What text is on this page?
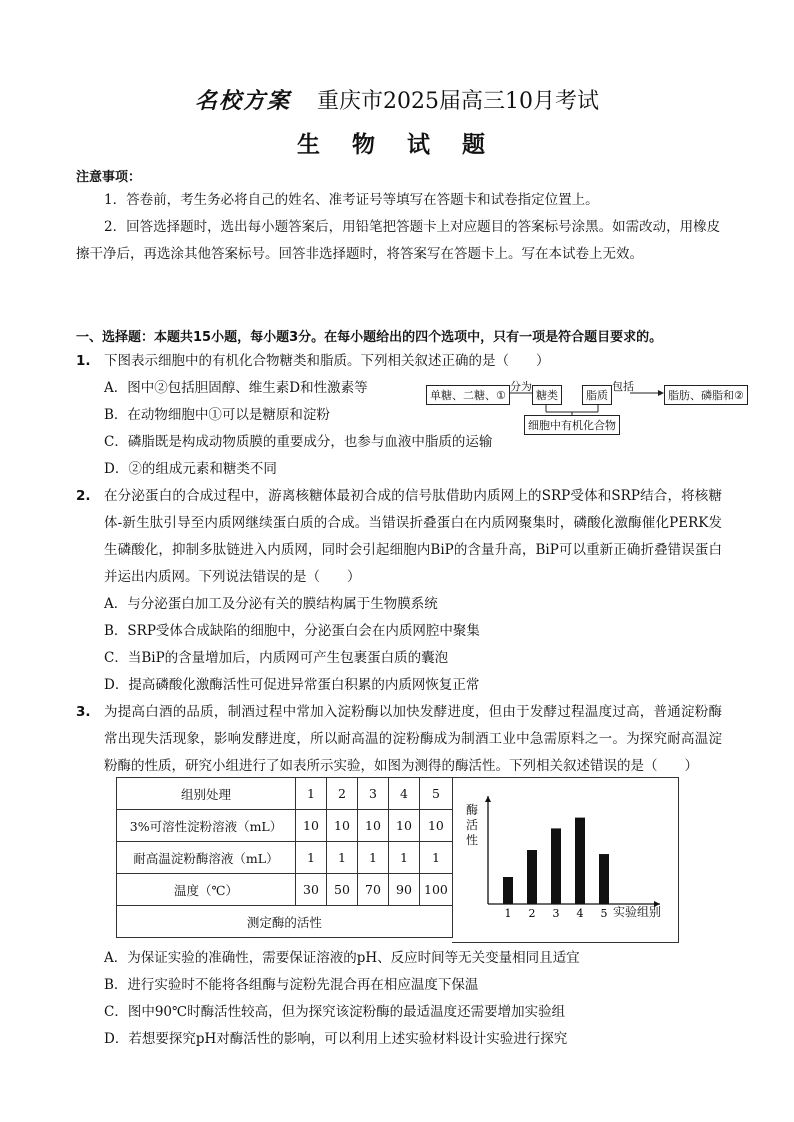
名校方案 重庆市2025届高三10月考试
生 物 试 题
注意事项：
1．答卷前，考生务必将自己的姓名、准考证号等填写在答题卡和试卷指定位置上。
2．回答选择题时，选出每小题答案后，用铅笔把答题卡上对应题目的答案标号涂黑。如需改动，用橡皮擦干净后，再选涂其他答案标号。回答非选择题时，将答案写在答题卡上。写在本试卷上无效。
一、选择题：本题共15小题，每小题3分。在每小题给出的四个选项中，只有一项是符合题目要求的。
1. 下图表示细胞中的有机化合物糖类和脂质。下列相关叙述正确的是（　　）
A．图中②包括胆固醇、维生素D和性激素等
B．在动物细胞中①可以是糖原和淀粉
C．磷脂既是构成动物质膜的重要成分，也参与血液中脂质的运输
D．②的组成元素和糖类不同
单糖、二糖、①
分为
糖类	脂质
包括
脂肪、磷脂和②
细胞中有机化合物
2. 在分泌蛋白的合成过程中，游离核糖体最初合成的信号肽借助内质网上的SRP受体和SRP结合，将核糖体-新生肽引导至内质网继续蛋白质的合成。当错误折叠蛋白在内质网聚集时，磷酸化激酶催化PERK发生磷酸化，抑制多肽链进入内质网，同时会引起细胞内BiP的含量升高，BiP可以重新正确折叠错误蛋白并运出内质网。下列说法错误的是（　　）
A．与分泌蛋白加工及分泌有关的膜结构属于生物膜系统
B．SRP受体合成缺陷的细胞中，分泌蛋白会在内质网腔中聚集
C．当BiP的含量增加后，内质网可产生包裹蛋白质的囊泡
D．提高磷酸化激酶活性可促进异常蛋白积累的内质网恢复正常
3. 为提高白酒的品质，制酒过程中常加入淀粉酶以加快发酵进度，但由于发酵过程温度过高，普通淀粉酶常出现失活现象，影响发酵进度，所以耐高温的淀粉酶成为制酒工业中急需原料之一。为探究耐高温淀粉酶的性质，研究小组进行了如表所示实验，如图为测得的酶活性。下列相关叙述错误的是（　　）
组别处理	1	2	3	4	5
3%可溶性淀粉溶液（mL）	10	10	10	10	10
耐高温淀粉酶溶液（mL）	1	1	1	1	1
温度（℃）	30	50	70	90	100
测定酶的活性					
1 2 3 4 5
酶活性
实验组别
A．为保证实验的准确性，需要保证溶液的pH、反应时间等无关变量相同且适宜
B．进行实验时不能将各组酶与淀粉先混合再在相应温度下保温
C．图中90℃时酶活性较高，但为探究该淀粉酶的最适温度还需要增加实验组
D．若想要探究pH对酶活性的影响，可以利用上述实验材料设计实验进行探究
